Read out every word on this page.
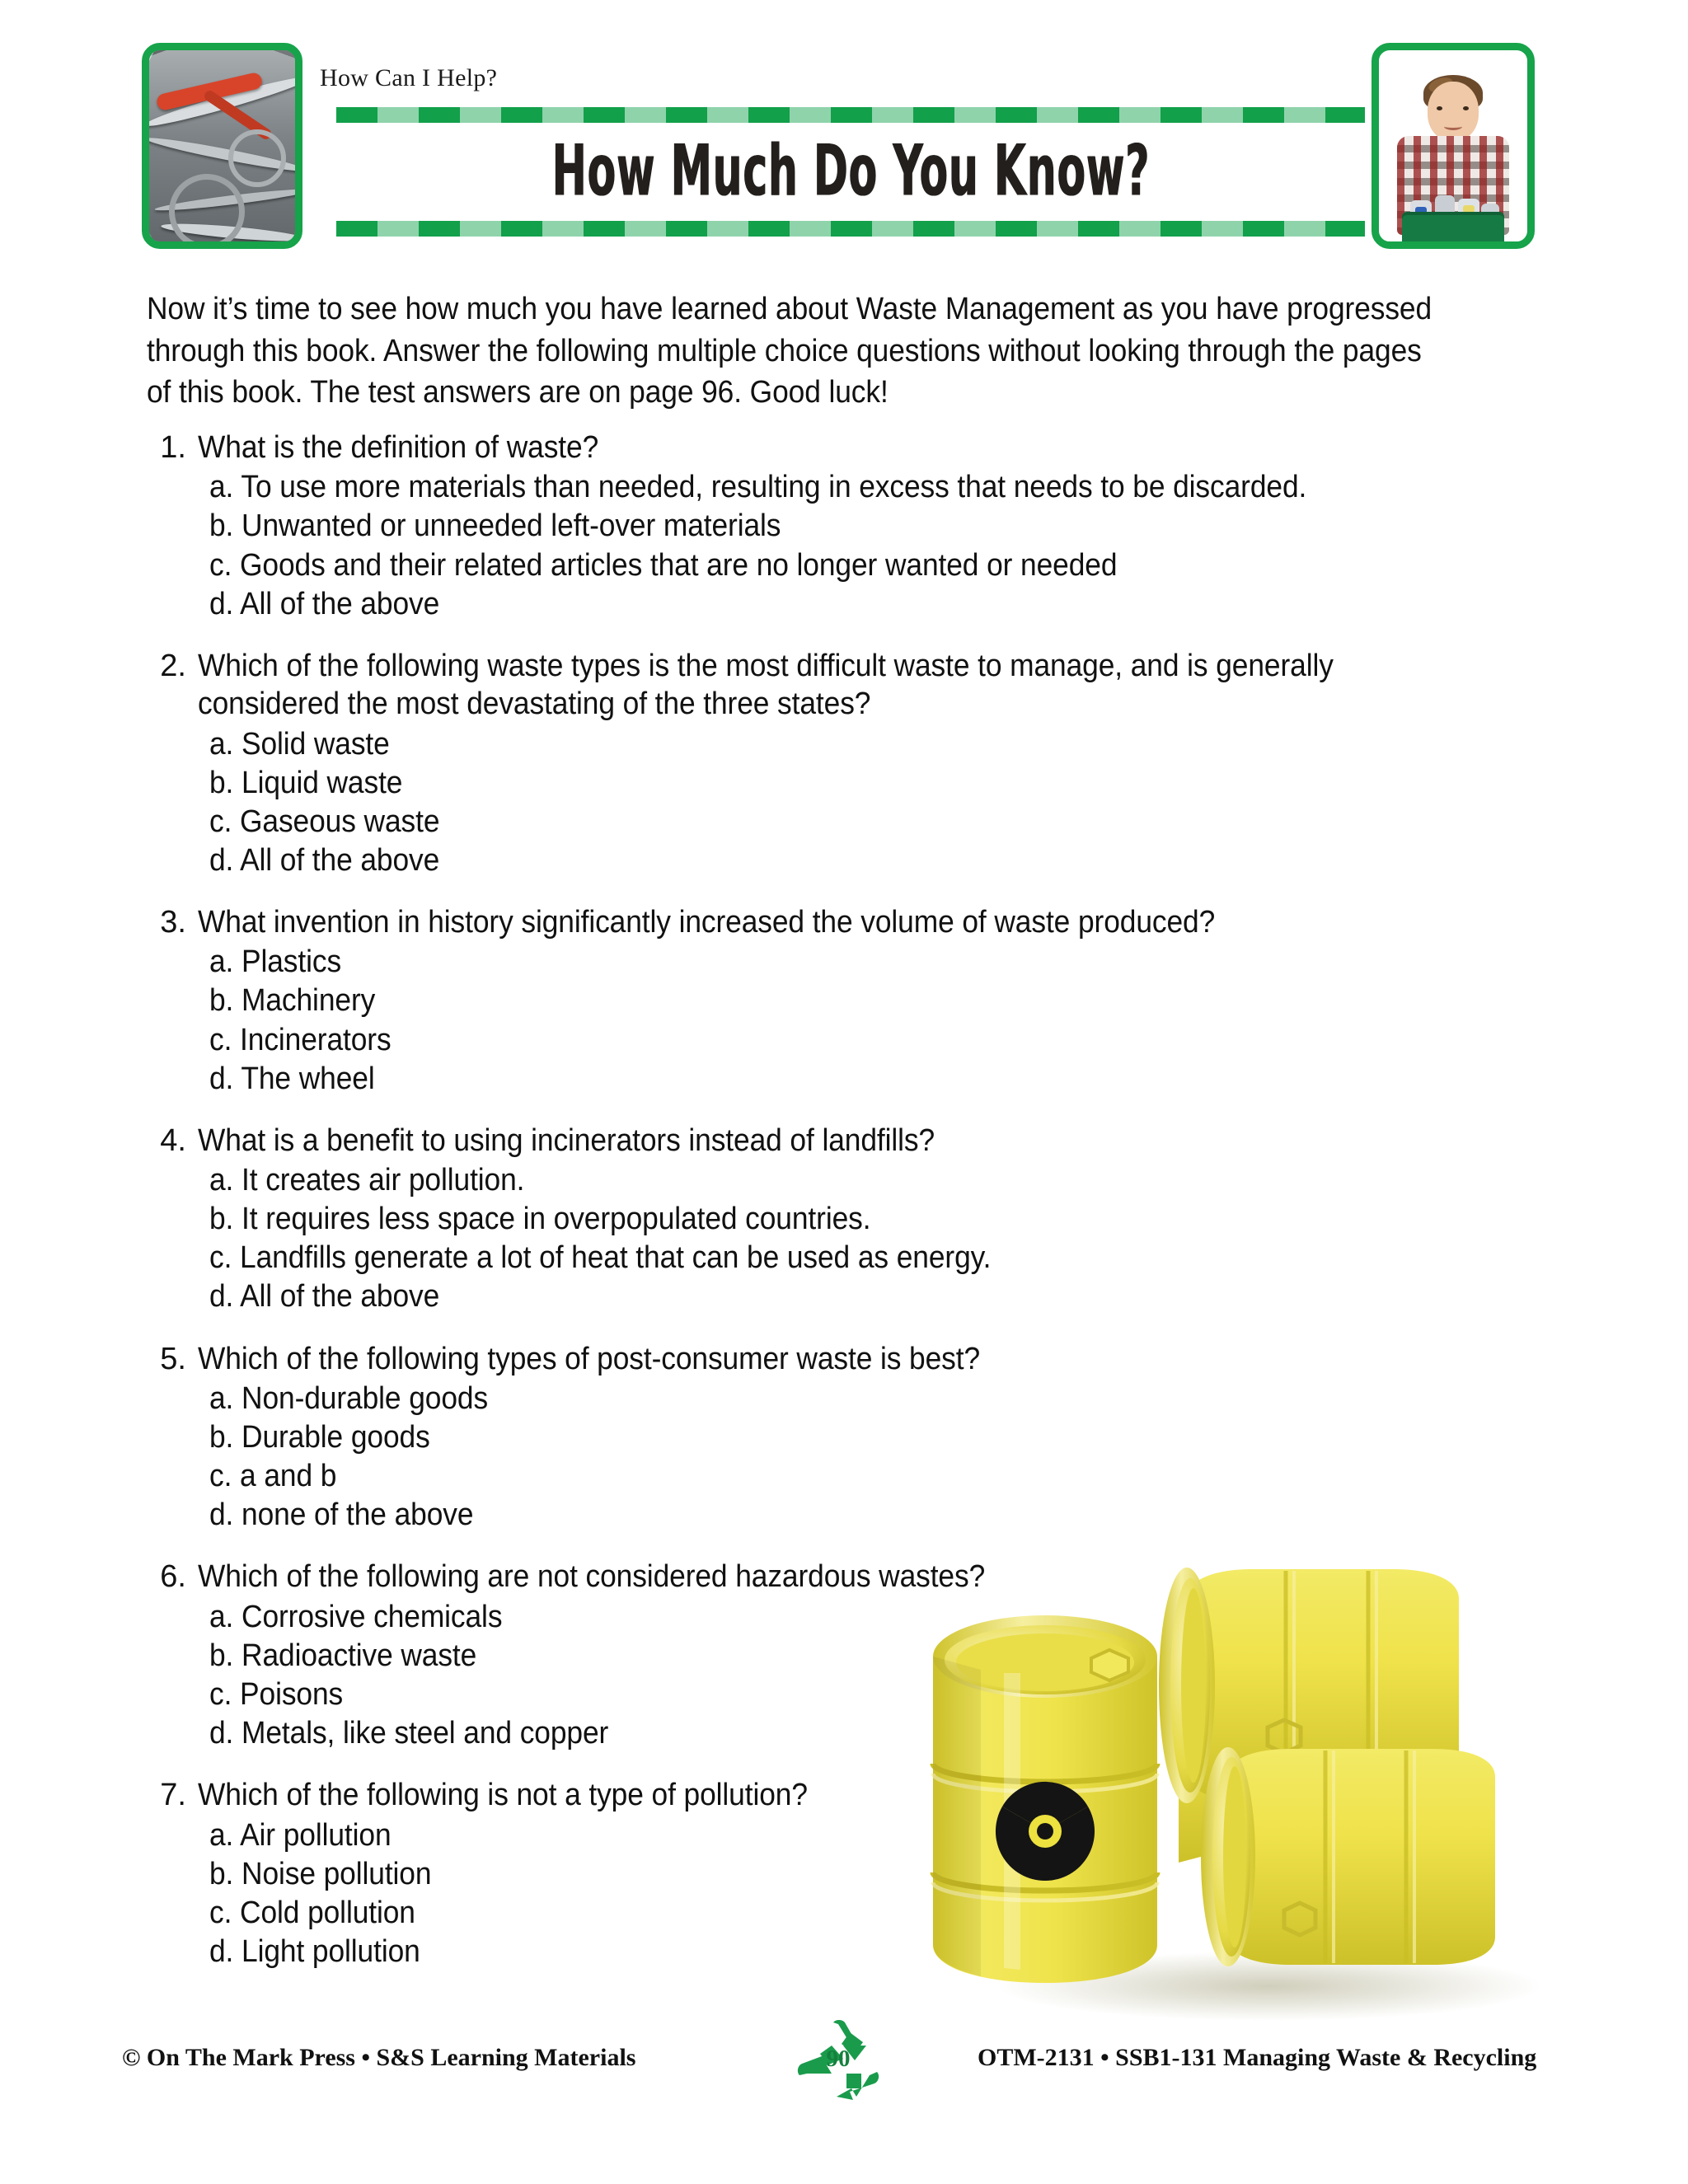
How Can I Help?
How Much Do You Know?

Now it’s time to see how much you have learned about Waste Management as you have progressed through this book. Answer the following multiple choice questions without looking through the pages of this book. The test answers are on page 96. Good luck!

1. What is the definition of waste?
a. To use more materials than needed, resulting in excess that needs to be discarded.
b. Unwanted or unneeded left-over materials
c. Goods and their related articles that are no longer wanted or needed
d. All of the above
2. Which of the following waste types is the most difficult waste to manage, and is generally considered the most devastating of the three states?
a. Solid waste
b. Liquid waste
c. Gaseous waste
d. All of the above
3. What invention in history significantly increased the volume of waste produced?
a. Plastics
b. Machinery
c. Incinerators
d. The wheel
4. What is a benefit to using incinerators instead of landfills?
a. It creates air pollution.
b. It requires less space in overpopulated countries.
c. Landfills generate a lot of heat that can be used as energy.
d. All of the above
5. Which of the following types of post-consumer waste is best?
a. Non-durable goods
b. Durable goods
c. a and b
d. none of the above
6. Which of the following are not considered hazardous wastes?
a. Corrosive chemicals
b. Radioactive waste
c. Poisons
d. Metals, like steel and copper
7. Which of the following is not a type of pollution?
a. Air pollution
b. Noise pollution
c. Cold pollution
d. Light pollution
© On The Mark Press • S&S Learning Materials	90	OTM-2131 • SSB1-131 Managing Waste & Recycling
